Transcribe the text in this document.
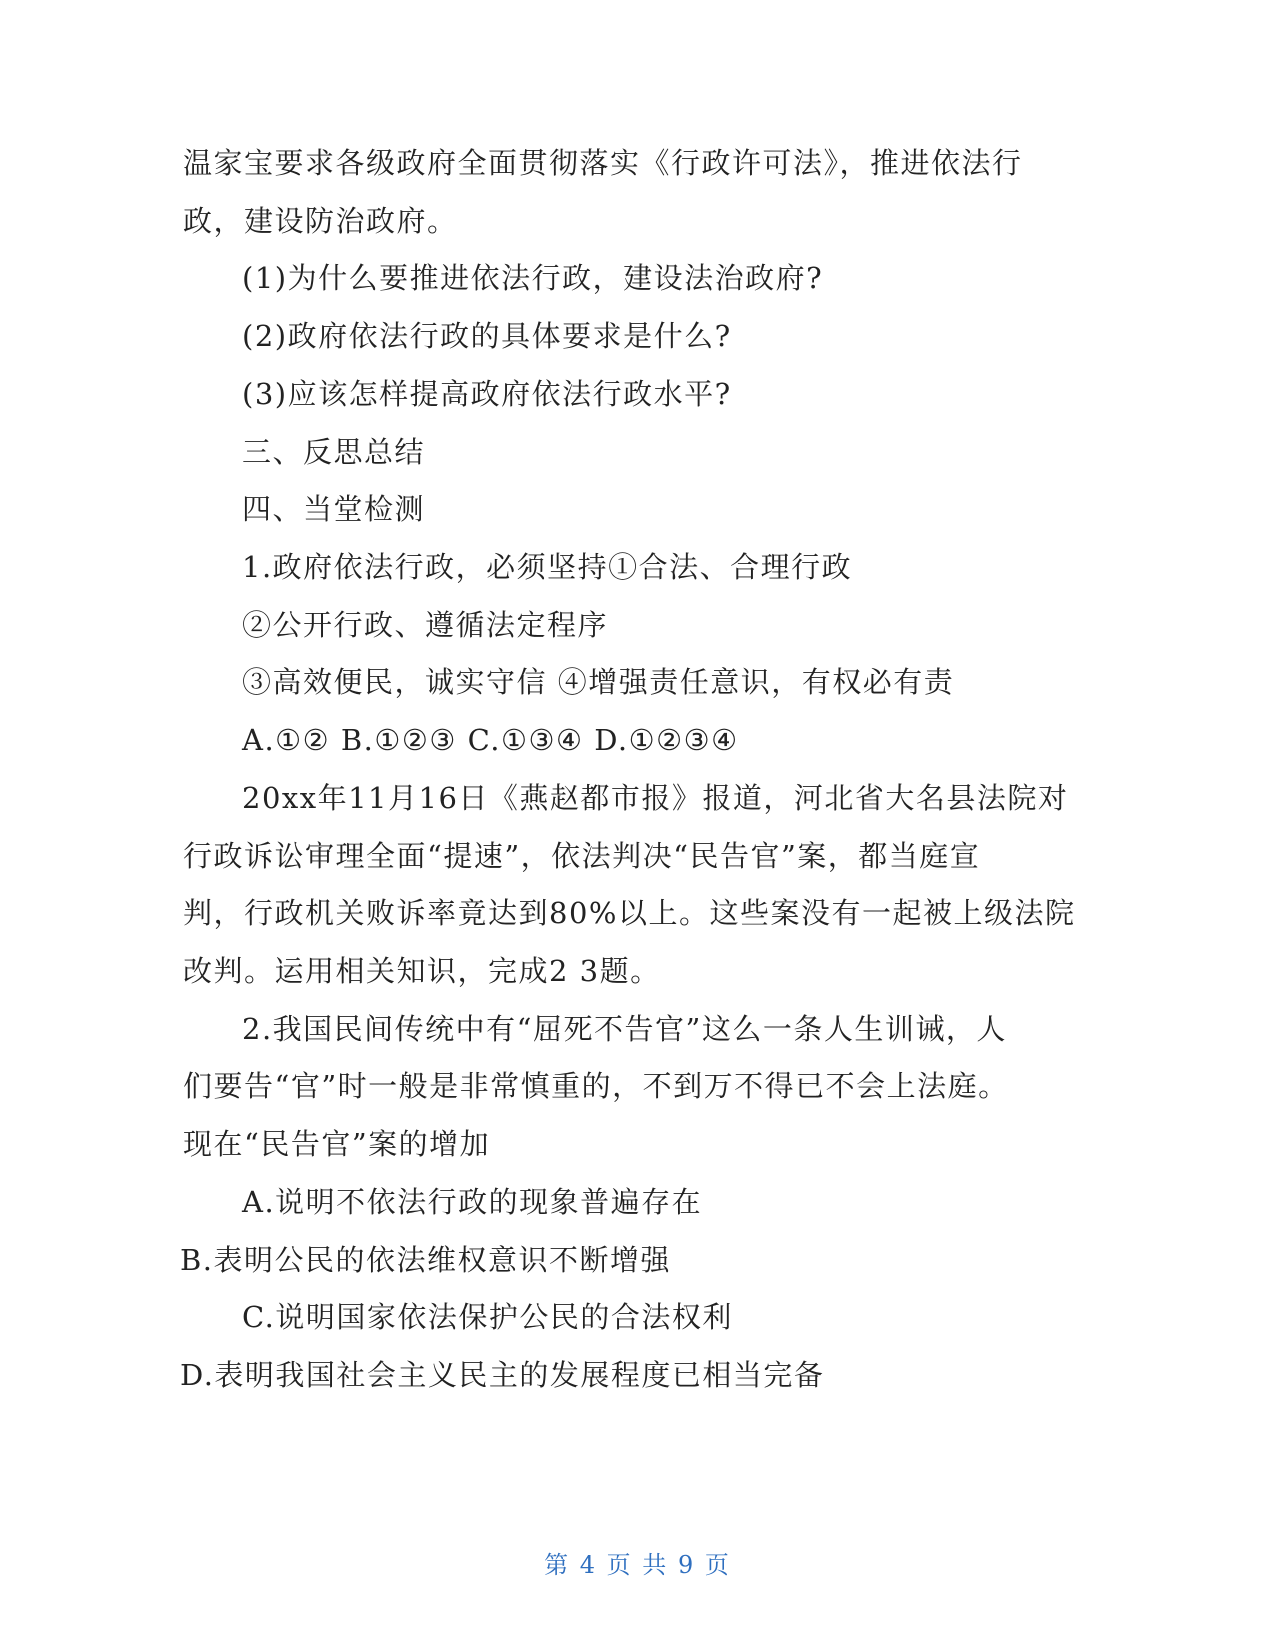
温家宝要求各级政府全面贯彻落实《行政许可法》，推进依法行
政，建设防治政府。
(1)为什么要推进依法行政，建设法治政府?
(2)政府依法行政的具体要求是什么?
(3)应该怎样提高政府依法行政水平?
三、反思总结
四、当堂检测
1.政府依法行政，必须坚持①合法、合理行政
②公开行政、遵循法定程序
③高效便民，诚实守信 ④增强责任意识，有权必有责
A.①② B.①②③ C.①③④ D.①②③④
20xx年11月16日《燕赵都市报》报道，河北省大名县法院对
行政诉讼审理全面“提速”，依法判决“民告官”案，都当庭宣
判，行政机关败诉率竟达到80%以上。这些案没有一起被上级法院
改判。运用相关知识，完成2 3题。
2.我国民间传统中有“屈死不告官”这么一条人生训诫，人
们要告“官”时一般是非常慎重的，不到万不得已不会上法庭。
现在“民告官”案的增加
A.说明不依法行政的现象普遍存在
B.表明公民的依法维权意识不断增强
C.说明国家依法保护公民的合法权利
D.表明我国社会主义民主的发展程度已相当完备
第 4 页 共 9 页
